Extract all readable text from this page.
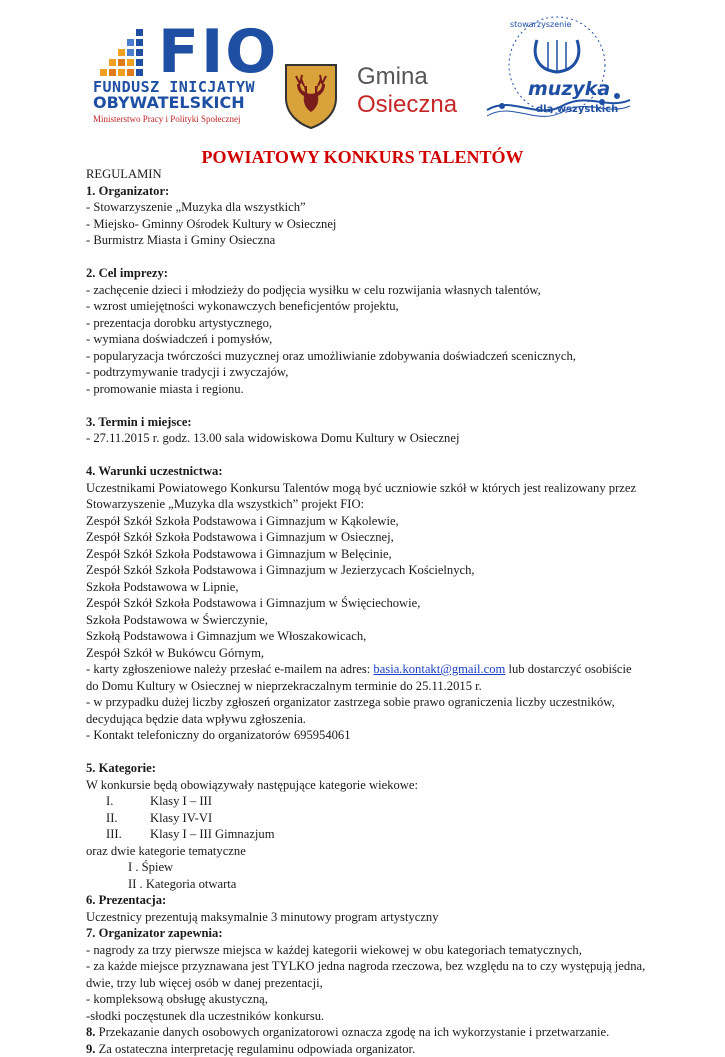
FIO
FUNDUSZ INICJATYW
OBYWATELSKICH
Ministerstwo Pracy i Polityki Społecznej
Gmina
Osieczna
stowarzyszenie
muzyka
dla wszystkich
POWIATOWY KONKURS TALENTÓW

REGULAMIN

1. Organizator:

- Stowarzyszenie „Muzyka dla wszystkich”

- Miejsko- Gminny Ośrodek Kultury w Osiecznej

- Burmistrz Miasta i Gminy Osieczna

2. Cel imprezy:

- zachęcenie dzieci i młodzieży do podjęcia wysiłku w celu rozwijania własnych talentów,

- wzrost umiejętności wykonawczych beneficjentów projektu,

- prezentacja dorobku artystycznego,

- wymiana doświadczeń i pomysłów,

- popularyzacja twórczości muzycznej oraz umożliwianie zdobywania doświadczeń scenicznych,

- podtrzymywanie tradycji i zwyczajów,

- promowanie miasta i regionu.

3. Termin i miejsce:

- 27.11.2015 r. godz. 13.00 sala widowiskowa Domu Kultury w Osiecznej

4. Warunki uczestnictwa:

Uczestnikami Powiatowego Konkursu Talentów mogą być uczniowie szkół w których jest realizowany przez

Stowarzyszenie „Muzyka dla wszystkich” projekt FIO:

Zespół Szkół Szkoła Podstawowa i Gimnazjum w Kąkolewie,

Zespół Szkół Szkoła Podstawowa i Gimnazjum w Osiecznej,

Zespół Szkół Szkoła Podstawowa i Gimnazjum w Belęcinie,

Zespół Szkół Szkoła Podstawowa i Gimnazjum w Jezierzycach Kościelnych,

Szkoła Podstawowa w Lipnie,

Zespół Szkół Szkoła Podstawowa i Gimnazjum w Święciechowie,

Szkoła Podstawowa w Świerczynie,

Szkołą Podstawowa i Gimnazjum we Włoszakowicach,

Zespół Szkół w Bukówcu Górnym,

- karty zgłoszeniowe należy przesłać e-mailem na adres: basia.kontakt@gmail.com lub dostarczyć osobiście

do Domu Kultury w Osiecznej w nieprzekraczalnym terminie do 25.11.2015 r.

- w przypadku dużej liczby zgłoszeń organizator zastrzega sobie prawo ograniczenia liczby uczestników,

decydująca będzie data wpływu zgłoszenia.

- Kontakt telefoniczny do organizatorów 695954061

5. Kategorie:

W konkursie będą obowiązywały następujące kategorie wiekowe:

I.	Klasy I – III

II.	Klasy IV-VI

III. Klasy I – III Gimnazjum

oraz dwie kategorie tematyczne

I . Śpiew

II . Kategoria otwarta

6. Prezentacja:

Uczestnicy prezentują maksymalnie 3 minutowy program artystyczny

7. Organizator zapewnia:

- nagrody za trzy pierwsze miejsca w każdej kategorii wiekowej w obu kategoriach tematycznych,

- za każde miejsce przyznawana jest TYLKO jedna nagroda rzeczowa, bez względu na to czy występują jedna,

dwie, trzy lub więcej osób w danej prezentacji,

- kompleksową obsługę akustyczną,

-słodki poczęstunek dla uczestników konkursu.

8. Przekazanie danych osobowych organizatorowi oznacza zgodę na ich wykorzystanie i przetwarzanie.

9. Za ostateczna interpretację regulaminu odpowiada organizator.
